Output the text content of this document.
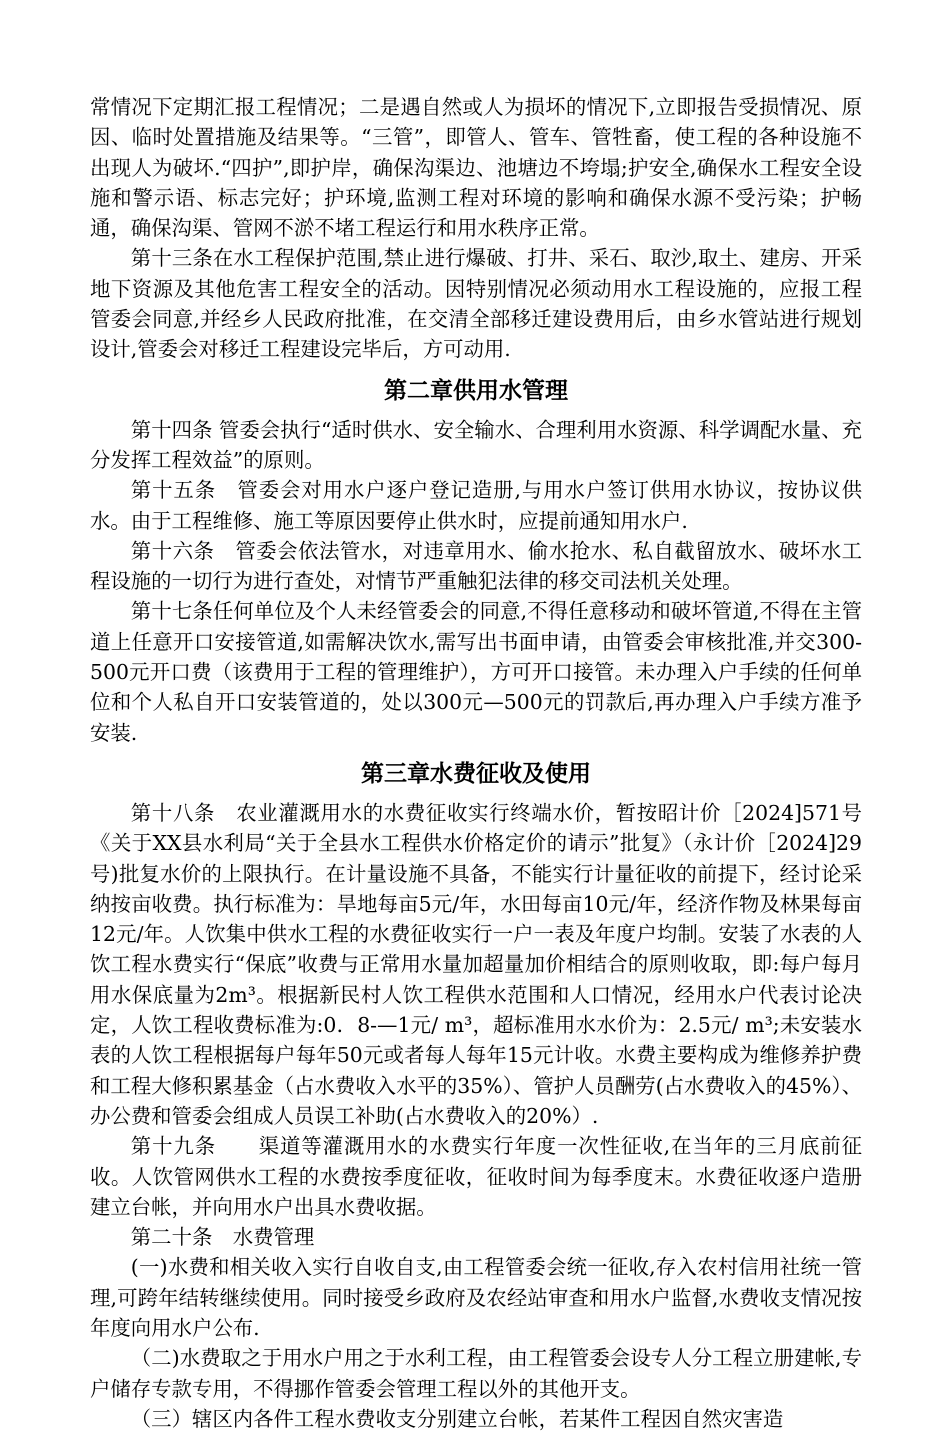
常情况下定期汇报工程情况；二是遇自然或人为损坏的情况下,立即报告受损情况、原因、临时处置措施及结果等。“三管”，即管人、管车、管牲畜，使工程的各种设施不出现人为破坏.“四护”,即护岸，确保沟渠边、池塘边不垮塌;护安全,确保水工程安全设施和警示语、标志完好；护环境,监测工程对环境的影响和确保水源不受污染；护畅通，确保沟渠、管网不淤不堵工程运行和用水秩序正常。

第十三条在水工程保护范围,禁止进行爆破、打井、采石、取沙,取土、建房、开采地下资源及其他危害工程安全的活动。因特别情况必须动用水工程设施的，应报工程管委会同意,并经乡人民政府批准，在交清全部移迁建设费用后，由乡水管站进行规划设计,管委会对移迁工程建设完毕后，方可动用.

第二章供用水管理

第十四条 管委会执行“适时供水、安全输水、合理利用水资源、科学调配水量、充分发挥工程效益”的原则。

第十五条　管委会对用水户逐户登记造册,与用水户签订供用水协议，按协议供水。由于工程维修、施工等原因要停止供水时，应提前通知用水户.

第十六条　管委会依法管水，对违章用水、偷水抢水、私自截留放水、破坏水工程设施的一切行为进行查处，对情节严重触犯法律的移交司法机关处理。

第十七条任何单位及个人未经管委会的同意,不得任意移动和破坏管道,不得在主管道上任意开口安接管道,如需解决饮水,需写出书面申请，由管委会审核批准,并交300-500元开口费（该费用于工程的管理维护），方可开口接管。未办理入户手续的任何单位和个人私自开口安装管道的，处以300元—500元的罚款后,再办理入户手续方准予安装.

第三章水费征收及使用

第十八条　农业灌溉用水的水费征收实行终端水价，暂按昭计价［2024]571号《关于XX县水利局“关于全县水工程供水价格定价的请示”批复》（永计价［2024]29号)批复水价的上限执行。在计量设施不具备，不能实行计量征收的前提下，经讨论采纳按亩收费。执行标准为：旱地每亩5元/年，水田每亩10元/年，经济作物及林果每亩12元/年。人饮集中供水工程的水费征收实行一户一表及年度户均制。安装了水表的人饮工程水费实行“保底”收费与正常用水量加超量加价相结合的原则收取，即:每户每月用水保底量为2m³。根据新民村人饮工程供水范围和人口情况，经用水户代表讨论决定，人饮工程收费标准为:0．8-—1元/ m³，超标准用水水价为：2.5元/ m³;未安装水表的人饮工程根据每户每年50元或者每人每年15元计收。水费主要构成为维修养护费和工程大修积累基金（占水费收入水平的35%）、管护人员酬劳(占水费收入的45%）、办公费和管委会组成人员误工补助(占水费收入的20%）.

第十九条　　渠道等灌溉用水的水费实行年度一次性征收,在当年的三月底前征收。人饮管网供水工程的水费按季度征收，征收时间为每季度末。水费征收逐户造册建立台帐，并向用水户出具水费收据。

第二十条　水费管理

(一)水费和相关收入实行自收自支,由工程管委会统一征收,存入农村信用社统一管理,可跨年结转继续使用。同时接受乡政府及农经站审查和用水户监督,水费收支情况按年度向用水户公布.

（二)水费取之于用水户用之于水利工程，由工程管委会设专人分工程立册建帐,专户储存专款专用，不得挪作管委会管理工程以外的其他开支。

（三）辖区内各件工程水费收支分别建立台帐，若某件工程因自然灾害造
